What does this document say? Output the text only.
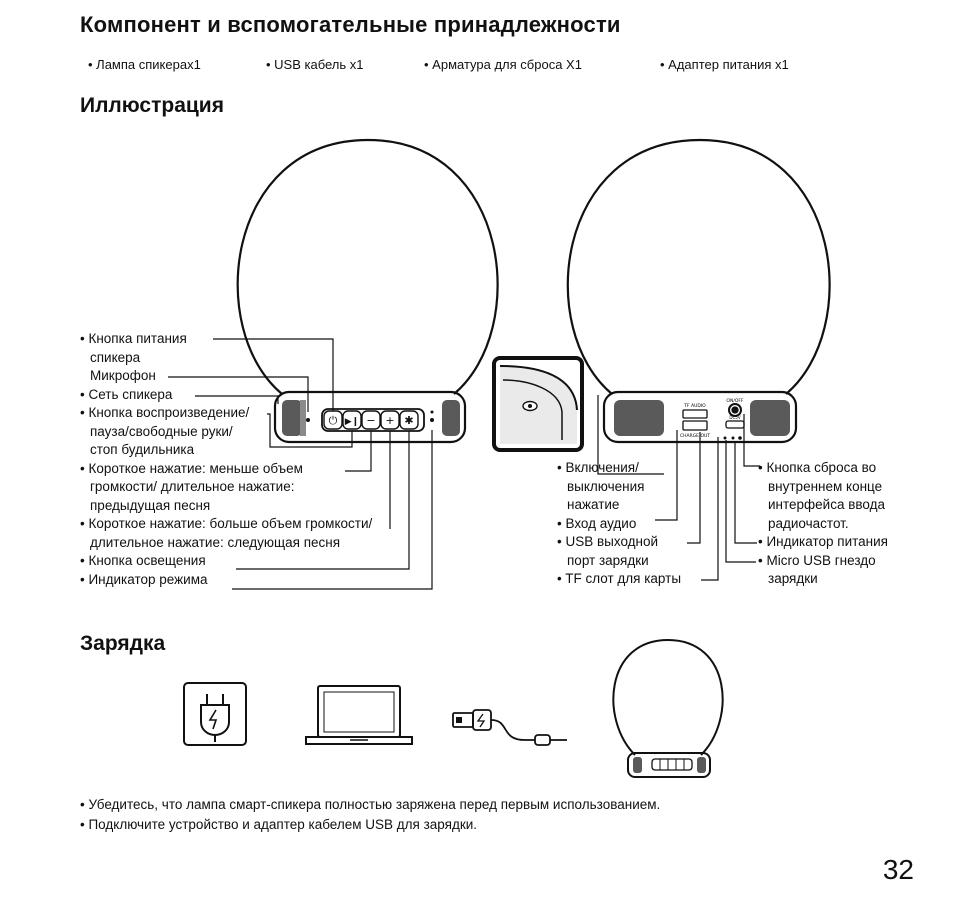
Компонент и вспомогательные принадлежности
• Лампа спикерах1	• USB кабель x1	• Арматура для сброса X1	• Адаптер питания x1
Иллюстрация
⏻ ▶❙ − + ✱
TF AUDIO
CHARGE OUT
ON/OFF
DC5V
• Кнопка питания
спикера
Микрофон
• Сеть спикера
• Кнопка воспроизведение/
пауза/свободные руки/
стоп будильника
• Короткое нажатие: меньше объем
громкости/ длительное нажатие:
предыдущая песня
• Короткое нажатие: больше объем громкости/
длительное нажатие: следующая песня
• Кнопка освещения
• Индикатор режима
• Включения/
выключения
нажатие
• Вход аудио
• USB выходной
порт зарядки
• TF слот для карты
• Кнопка сброса во
внутреннем конце
интерфейса ввода
радиочастот.
• Индикатор питания
• Micro USB гнездо
зарядки
Зарядка
• Убедитесь, что лампа смарт-спикера полностью заряжена перед первым использованием.
• Подключите устройство и адаптер кабелем USB для зарядки.
32
